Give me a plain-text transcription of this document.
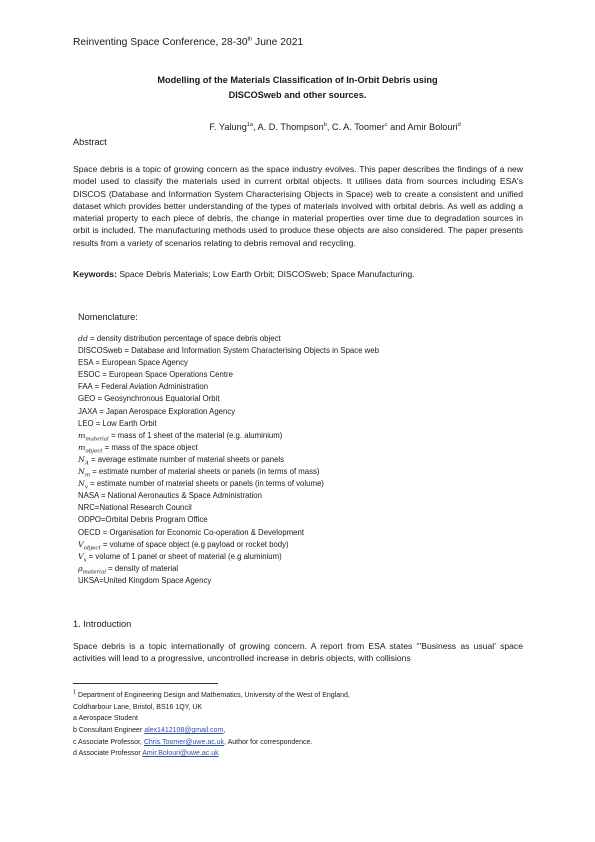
Reinventing Space Conference, 28-30th June 2021
Modelling of the Materials Classification of In-Orbit Debris using
DISCOSweb and other sources.
F. Yalung$^{1a}$, A. D. Thompson$^b$, C. A. Toomer$^c$ and Amir Bolouri$^d$
Abstract
Space debris is a topic of growing concern as the space industry evolves. This paper describes the findings of a new model used to classify the materials used in current orbital objects. It utilises data from sources including ESA's DISCOS (Database and Information System Characterising Objects in Space) web to create a consistent and unified dataset which provides better understanding of the types of materials involved with orbital debris. As well as adding a material property to each piece of debris, the change in material properties over time due to degradation sources in orbit is included. The manufacturing methods used to produce these objects are also considered. The paper presents results from a variety of scenarios relating to debris removal and recycling.
Keywords: Space Debris Materials; Low Earth Orbit; DISCOSweb; Space Manufacturing.
Nomenclature:
dd = density distribution percentage of space debris object
DISCOSweb = Database and Information System Characterising Objects in Space web
ESA = European Space Agency
ESOC = European Space Operations Centre
FAA = Federal Aviation Administration
GEO = Geosynchronous Equatorial Orbit
JAXA = Japan Aerospace Exploration Agency
LEO = Low Earth Orbit
$m_{material}$ = mass of 1 sheet of the material (e.g. aluminium)
$m_{object}$ = mass of the space object
$N_A$ = average estimate number of material sheets or panels
$N_m$ = estimate number of material sheets or panels (in terms of mass)
$N_v$ = estimate number of material sheets or panels (in terms of volume)
NASA = National Aeronautics & Space Administration
NRC=National Research Council
ODPO=Orbital Debris Program Office
OECD = Organisation for Economic Co-operation & Development
$V_{object}$ = volume of space object (e.g payload or rocket body)
$V_s$ = volume of 1 panel or sheet of material (e.g aluminium)
$\rho_{material}$ = density of material
UKSA=United Kingdom Space Agency
1. Introduction
Space debris is a topic internationally of growing concern. A report from ESA states "'Business as usual' space activities will lead to a progressive, uncontrolled increase in debris objects, with collisions
$^1$ Department of Engineering Design and Mathematics, University of the West of England,
Coldharbour Lane, Bristol, BS16 1QY, UK
a Aerospace Student
b Consultant Engineer alex1412108@gmail.com,
c Associate Professor, Chris.Toomer@uwe.ac.uk, Author for correspondence.
d Associate Professor Amir.Bolouri@uwe.ac.uk
